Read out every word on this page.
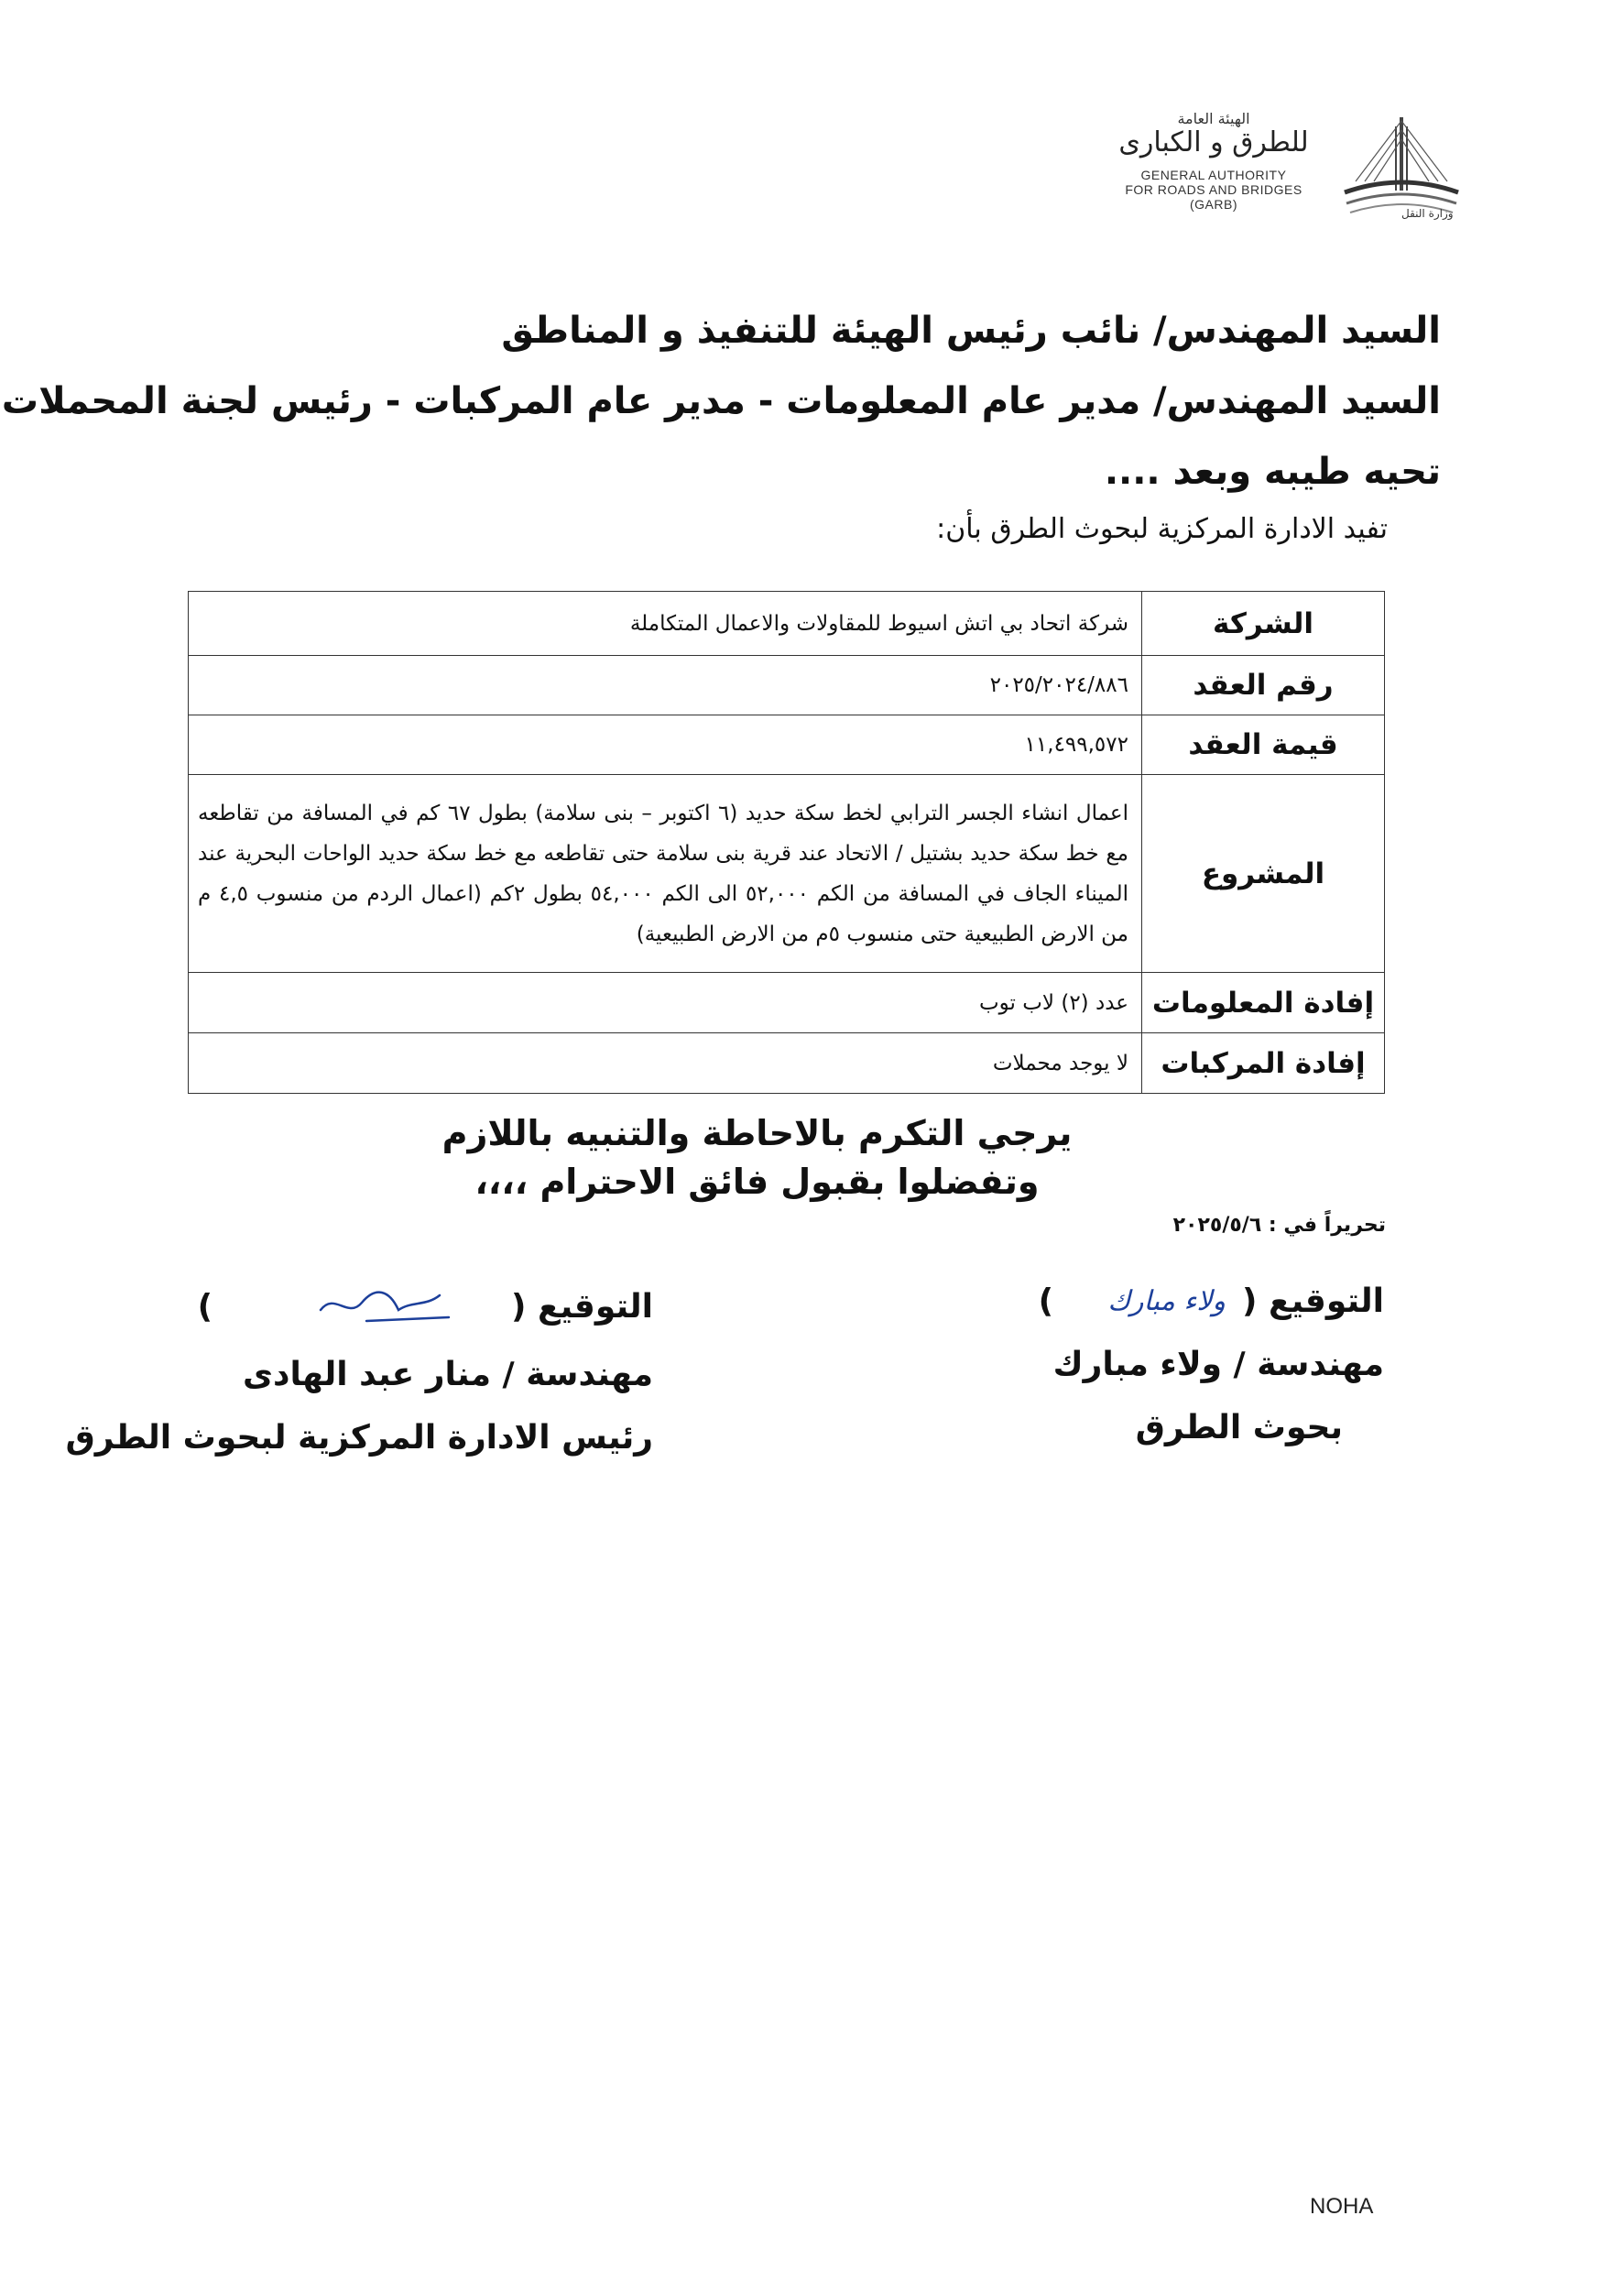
الهيئة العامة
للطرق و الكبارى
GENERAL AUTHORITY
FOR ROADS AND BRIDGES
(GARB)
وزارة النقل
السيد المهندس/ نائب رئيس الهيئة للتنفيذ و المناطق
السيد المهندس/ مدير عام المعلومات - مدير عام المركبات - رئيس لجنة المحملات
تحيه طيبه وبعد ....
تفيد الادارة المركزية لبحوث الطرق بأن:
الشركة	شركة اتحاد بي اتش اسيوط للمقاولات والاعمال المتكاملة
رقم العقد	٢٠٢٥/٢٠٢٤/٨٨٦
قيمة العقد	١١,٤٩٩,٥٧٢
المشروع	اعمال انشاء الجسر الترابي لخط سكة حديد (٦ اكتوبر – بنى سلامة) بطول ٦٧ كم في المسافة من تقاطعه مع خط سكة حديد بشتيل / الاتحاد عند قرية بنى سلامة حتى تقاطعه مع خط سكة حديد الواحات البحرية عند الميناء الجاف في المسافة من الكم ٥٢,٠٠٠ الى الكم ٥٤,٠٠٠ بطول ٢كم (اعمال الردم من منسوب ٤,٥ م من الارض الطبيعية حتى منسوب ٥م من الارض الطبيعية)
إفادة المعلومات	عدد (٢) لاب توب
إفادة المركبات	لا يوجد محملات
يرجي التكرم بالاحاطة والتنبيه باللازم
وتفضلوا بقبول فائق الاحترام ،،،،
تحريراً في : ٢٠٢٥/٥/٦
التوقيع (
ولاء مبارك
)
مهندسة / ولاء مبارك
بحوث الطرق
التوقيع (
)
مهندسة / منار عبد الهادى
رئيس الادارة المركزية لبحوث الطرق
NOHA
